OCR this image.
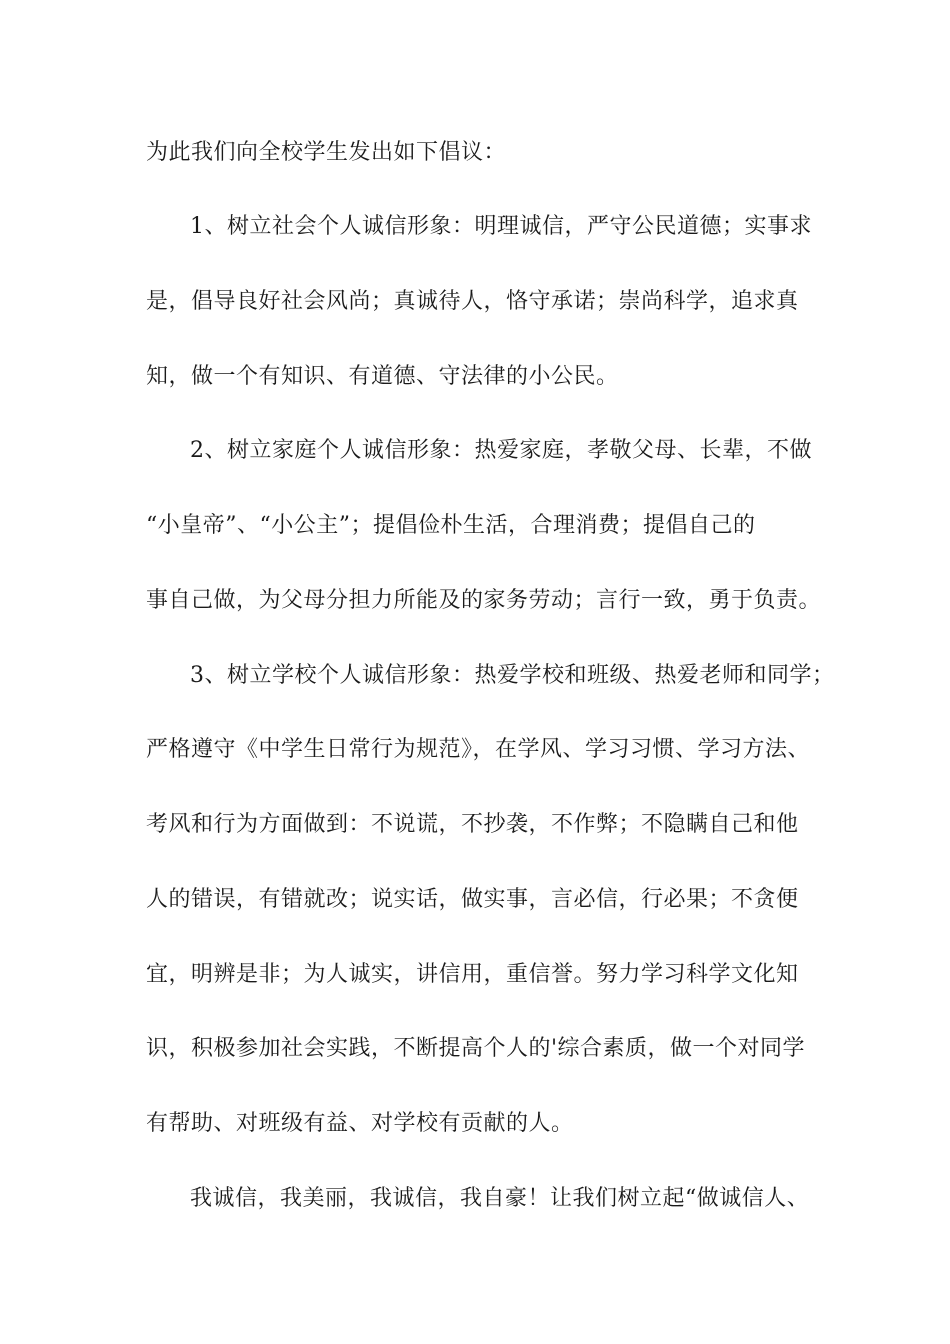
为此我们向全校学生发出如下倡议：
1、树立社会个人诚信形象：明理诚信，严守公民道德；实事求
是，倡导良好社会风尚；真诚待人，恪守承诺；崇尚科学，追求真
知，做一个有知识、有道德、守法律的小公民。
2、树立家庭个人诚信形象：热爱家庭，孝敬父母、长辈，不做
“小皇帝”、“小公主”；提倡俭朴生活，合理消费；提倡自己的
事自己做，为父母分担力所能及的家务劳动；言行一致，勇于负责。
3、树立学校个人诚信形象：热爱学校和班级、热爱老师和同学；
严格遵守《中学生日常行为规范》，在学风、学习习惯、学习方法、
考风和行为方面做到：不说谎，不抄袭，不作弊；不隐瞒自己和他
人的错误，有错就改；说实话，做实事，言必信，行必果；不贪便
宜，明辨是非；为人诚实，讲信用，重信誉。努力学习科学文化知
识，积极参加社会实践，不断提高个人的'综合素质，做一个对同学
有帮助、对班级有益、对学校有贡献的人。
我诚信，我美丽，我诚信，我自豪！让我们树立起“做诚信人、
